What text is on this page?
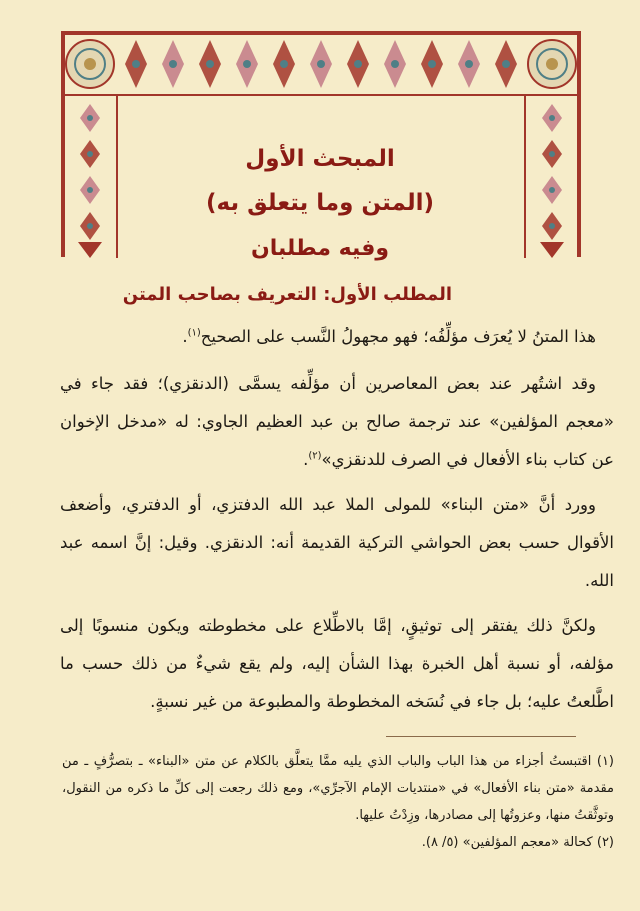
المبحث الأول
(المتن وما يتعلق به)
وفيه مطلبان
المطلب الأول: التعريف بصاحب المتن

هذا المتنُ لا يُعرَف مؤلِّفُه؛ فهو مجهولُ النَّسب على الصحيح$^{(١)}$.

وقد اشتُهر عند بعض المعاصرين أن مؤلِّفه يسمَّى (الدنقزي)؛ فقد جاء في «معجم المؤلفين» عند ترجمة صالح بن عبد العظيم الجاوي: له «مدخل الإخوان عن كتاب بناء الأفعال في الصرف للدنقزي»$^{(٢)}$.

وورد أنَّ «متن البناء» للمولى الملا عبد الله الدفتزي، أو الدفتري، وأضعف الأقوال حسب بعض الحواشي التركية القديمة أنه: الدنقزي. وقيل: إنَّ اسمه عبد الله.

ولكنَّ ذلك يفتقر إلى توثيقٍ، إمَّا بالاطِّلاع على مخطوطته ويكون منسوبًا إلى مؤلفه، أو نسبة أهل الخبرة بهذا الشأن إليه، ولم يقع شيءٌ من ذلك حسب ما اطَّلعتُ عليه؛ بل جاء في نُسَخه المخطوطة والمطبوعة من غير نسبةٍ.

(١) اقتبستُ أجزاء من هذا الباب والباب الذي يليه ممَّا يتعلَّق بالكلام عن متن «البناء» ـ بتصرُّفٍ ـ من مقدمة «متن بناء الأفعال» في «منتديات الإمام الآجرِّي»، ومع ذلك رجعت إلى كلِّ ما ذكره من النقول، وتوثَّقتُ منها، وعزوتُها إلى مصادرها، وزِدْتُ عليها.

(٢) كحالة «معجم المؤلفين» (٥/ ٨).
